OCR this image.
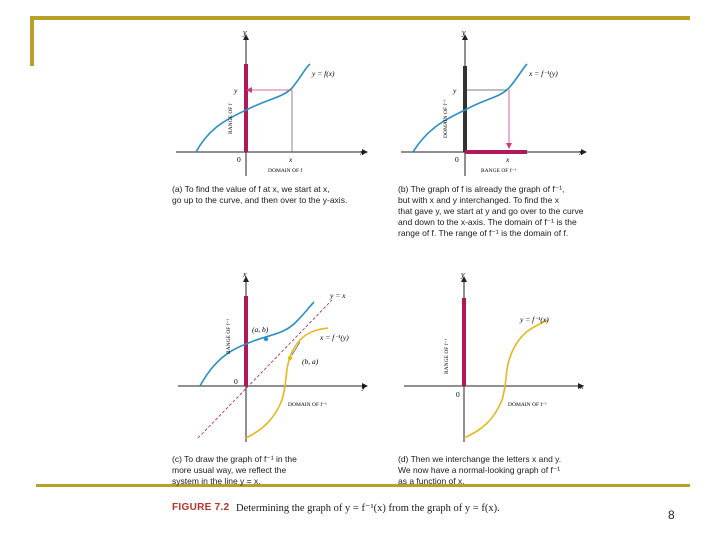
y
x
0	x
y
y = f(x)
DOMAIN OF f
RANGE OF f
(a) To find the value of f at x, we start at x,
go up to the curve, and then over to the y-axis.
y
x
0	x
y
x = f⁻¹(y)
RANGE OF f⁻¹
DOMAIN OF f⁻¹
(b) The graph of f is already the graph of f⁻¹,
but with x and y interchanged. To find the x
that gave y, we start at y and go over to the curve
and down to the x-axis. The domain of f⁻¹ is the
range of f. The range of f⁻¹ is the domain of f.
x
y
0
(a, b)
(b, a)
y = x
x = f⁻¹(y)
DOMAIN OF f⁻¹
RANGE OF f⁻¹
(c) To draw the graph of f⁻¹ in the
more usual way, we reflect the
system in the line y = x.
y
x
0
y = f⁻¹(x)
DOMAIN OF f⁻¹
RANGE OF f⁻¹
(d) Then we interchange the letters x and y.
We now have a normal-looking graph of f⁻¹
as a function of x.
FIGURE 7.2 Determining the graph of y = f⁻¹(x) from the graph of y = f(x).	8
